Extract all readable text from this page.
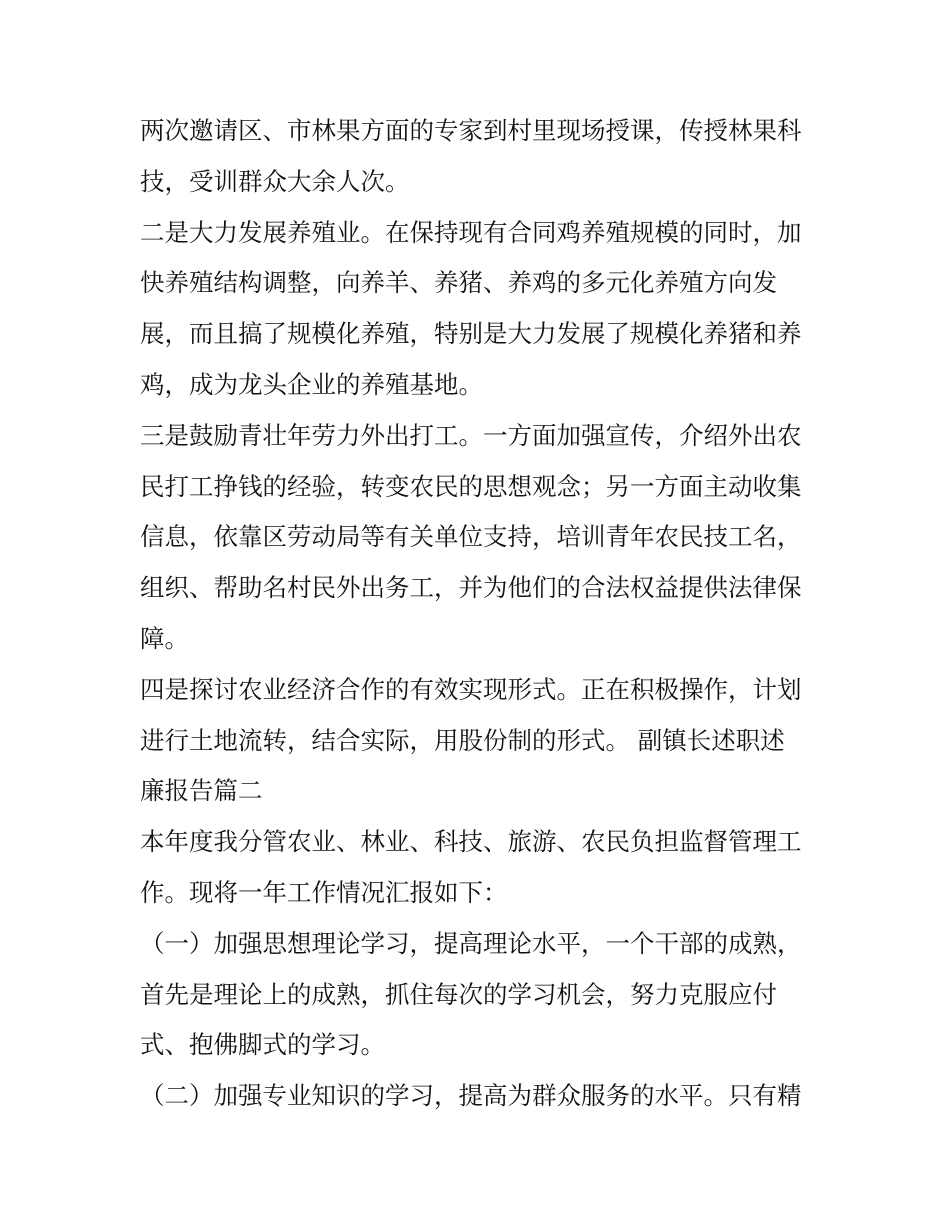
两次邀请区、市林果方面的专家到村里现场授课，传授林果科
技，受训群众大余人次。
二是大力发展养殖业。在保持现有合同鸡养殖规模的同时，加
快养殖结构调整，向养羊、养猪、养鸡的多元化养殖方向发
展，而且搞了规模化养殖，特别是大力发展了规模化养猪和养
鸡，成为龙头企业的养殖基地。
三是鼓励青壮年劳力外出打工。一方面加强宣传，介绍外出农
民打工挣钱的经验，转变农民的思想观念；另一方面主动收集
信息，依靠区劳动局等有关单位支持，培训青年农民技工名，
组织、帮助名村民外出务工，并为他们的合法权益提供法律保
障。
四是探讨农业经济合作的有效实现形式。正在积极操作，计划
进行土地流转，结合实际，用股份制的形式。 副镇长述职述
廉报告篇二
本年度我分管农业、林业、科技、旅游、农民负担监督管理工
作。现将一年工作情况汇报如下：
（一）加强思想理论学习，提高理论水平，一个干部的成熟，
首先是理论上的成熟，抓住每次的学习机会，努力克服应付
式、抱佛脚式的学习。
（二）加强专业知识的学习，提高为群众服务的水平。只有精
